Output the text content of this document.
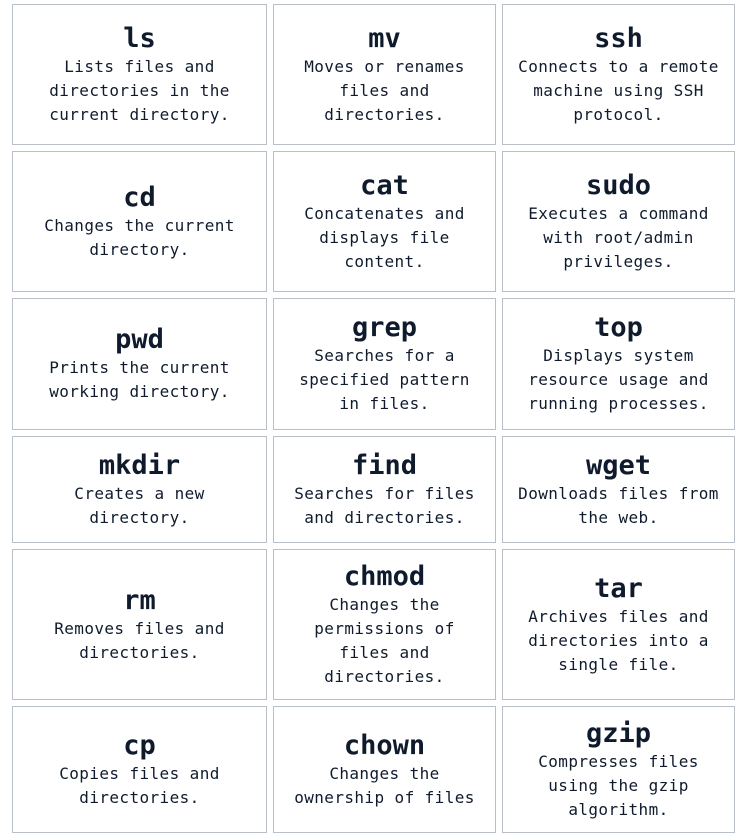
ls
Lists files and
directories in the
current directory.
mv
Moves or renames
files and
directories.
ssh
Connects to a remote
machine using SSH
protocol.
cd
Changes the current
directory.
cat
Concatenates and
displays file
content.
sudo
Executes a command
with root/admin
privileges.
pwd
Prints the current
working directory.
grep
Searches for a
specified pattern
in files.
top
Displays system
resource usage and
running processes.
mkdir
Creates a new
directory.
find
Searches for files
and directories.
wget
Downloads files from
the web.
rm
Removes files and
directories.
chmod
Changes the
permissions of
files and
directories.
tar
Archives files and
directories into a
single file.
cp
Copies files and
directories.
chown
Changes the
ownership of files
gzip
Compresses files
using the gzip
algorithm.
